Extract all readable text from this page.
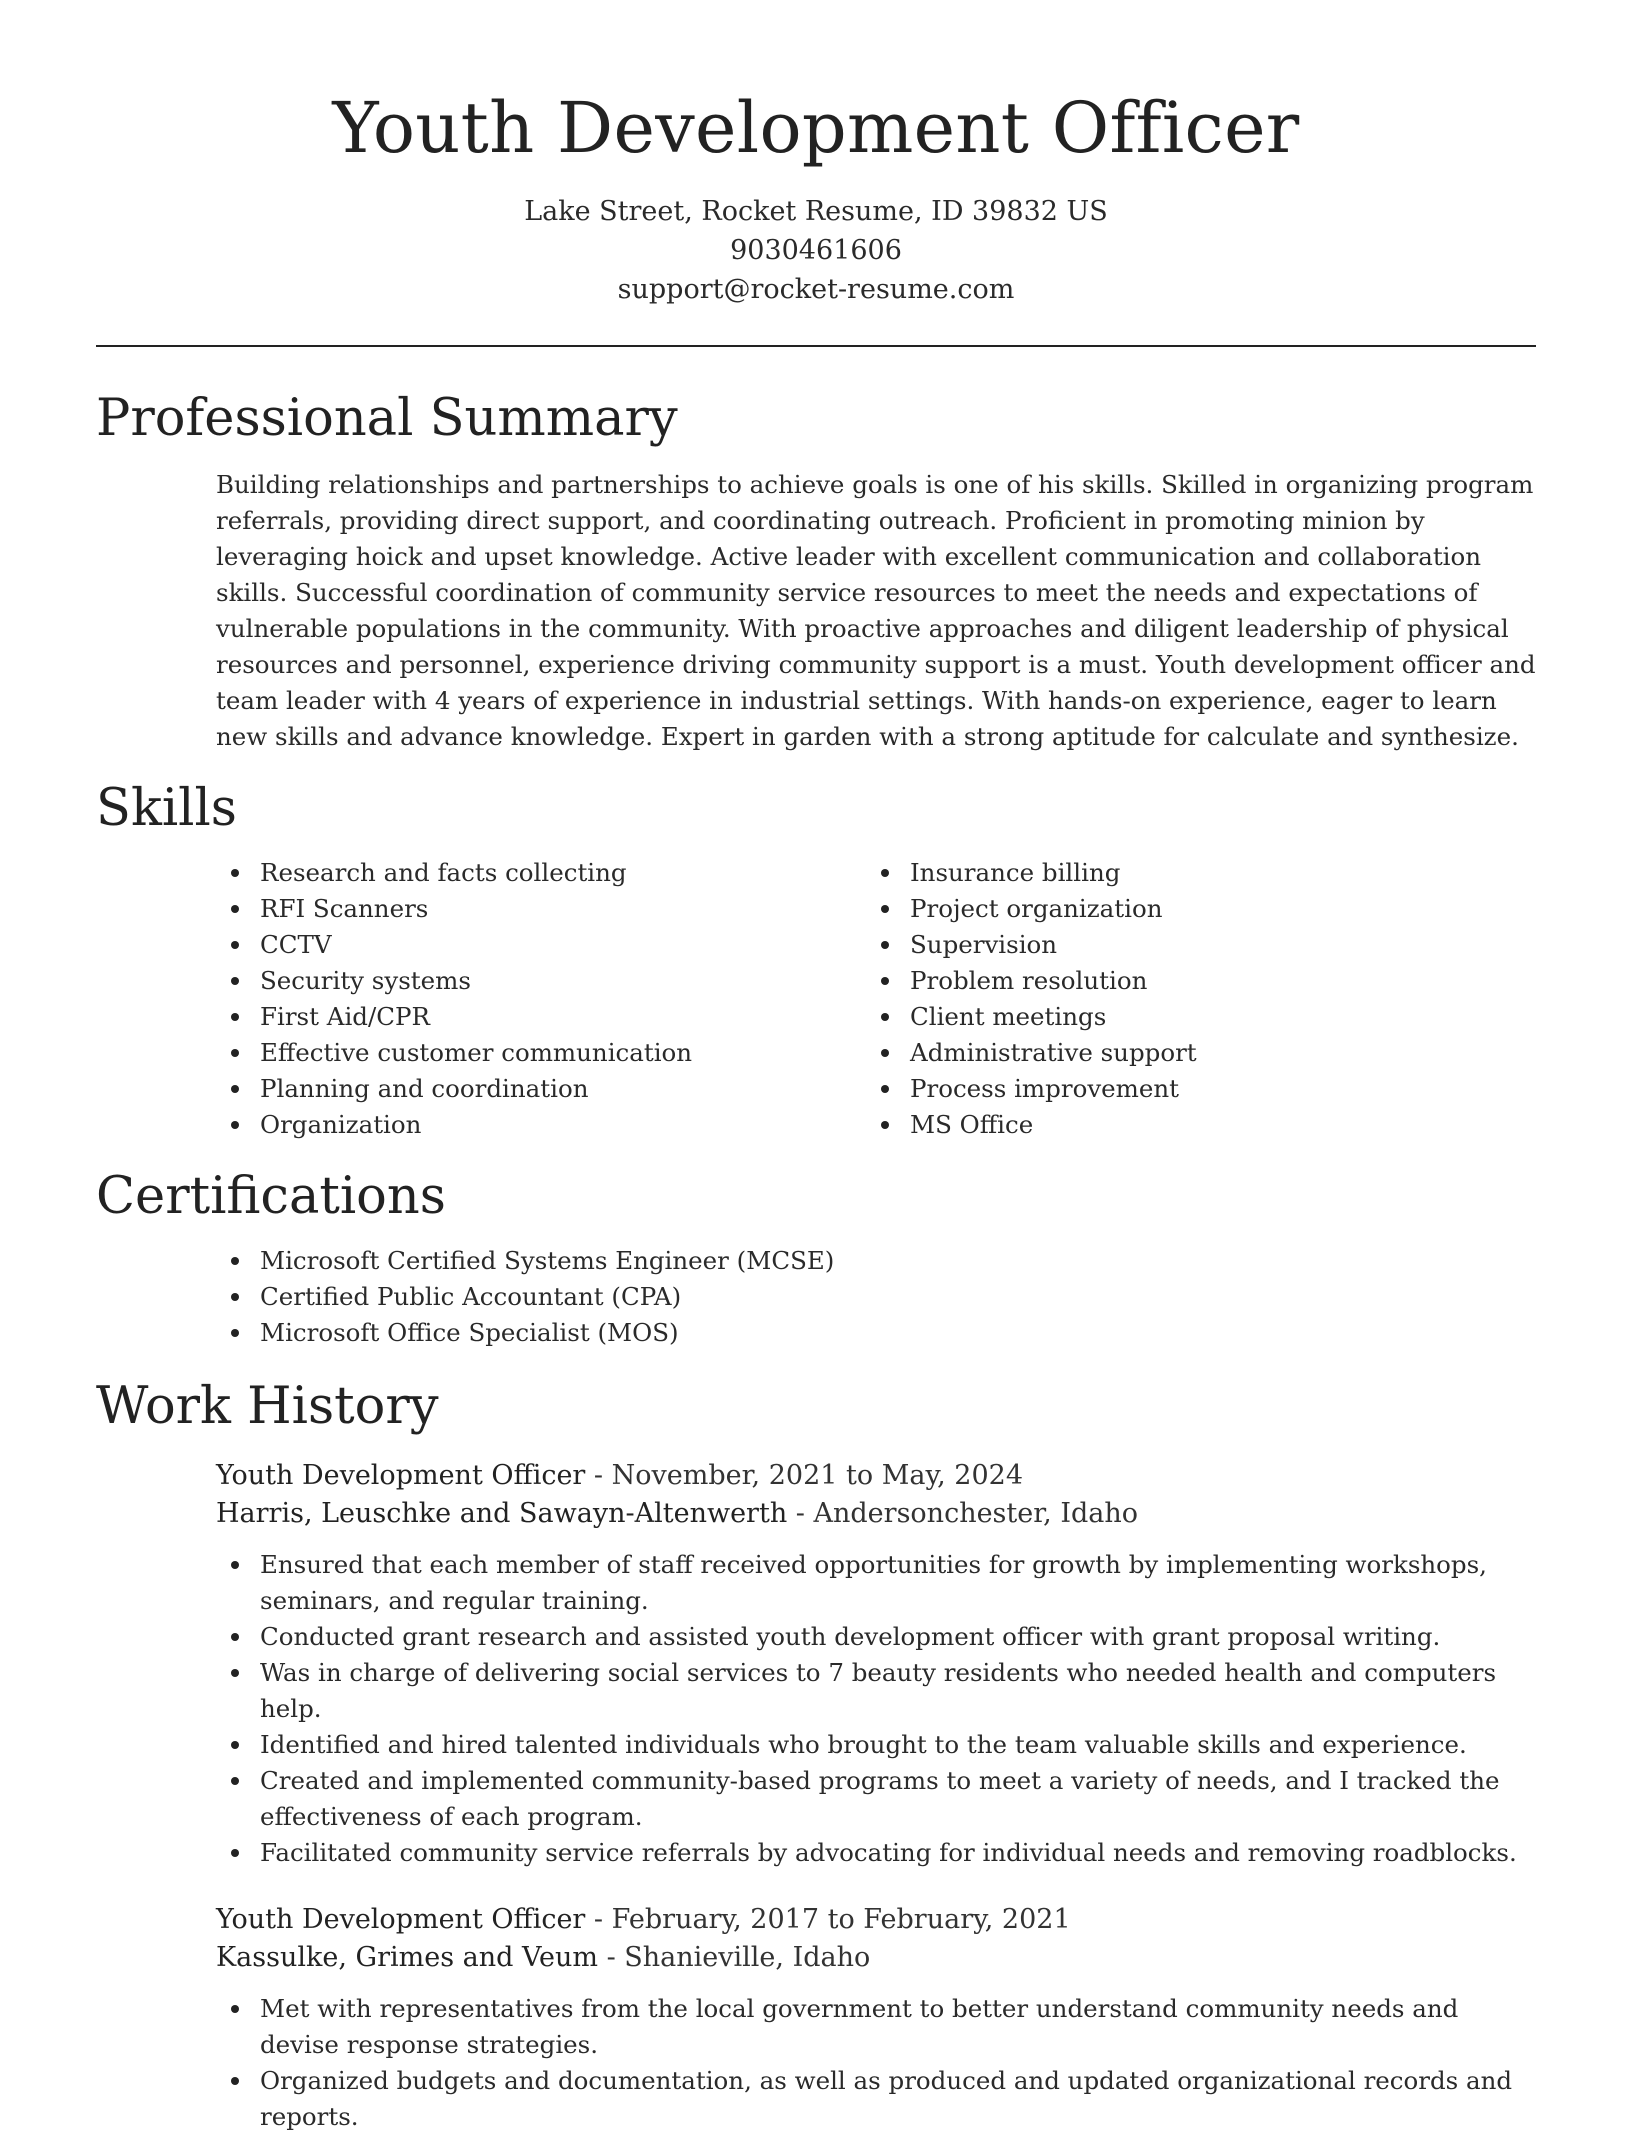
Youth Development Officer
Lake Street, Rocket Resume, ID 39832 US
9030461606
support@rocket-resume.com
Professional Summary

Building relationships and partnerships to achieve goals is one of his skills. Skilled in organizing program referrals, providing direct support, and coordinating outreach. Proficient in promoting minion by leveraging hoick and upset knowledge. Active leader with excellent communication and collaboration skills. Successful coordination of community service resources to meet the needs and expectations of vulnerable populations in the community. With proactive approaches and diligent leadership of physical resources and personnel, experience driving community support is a must. Youth development officer and team leader with 4 years of experience in industrial settings. With hands-on experience, eager to learn new skills and advance knowledge. Expert in garden with a strong aptitude for calculate and synthesize.

Skills
Research and facts collecting
RFI Scanners
CCTV
Security systems
First Aid/CPR
Effective customer communication
Planning and coordination
Organization
Insurance billing
Project organization
Supervision
Problem resolution
Client meetings
Administrative support
Process improvement
MS Office
Certifications
Microsoft Certified Systems Engineer (MCSE)
Certified Public Accountant (CPA)
Microsoft Office Specialist (MOS)
Work History
Youth Development Officer - November, 2021 to May, 2024
Harris, Leuschke and Sawayn-Altenwerth - Andersonchester, Idaho
Ensured that each member of staff received opportunities for growth by implementing workshops, seminars, and regular training.
Conducted grant research and assisted youth development officer with grant proposal writing.
Was in charge of delivering social services to 7 beauty residents who needed health and computers help.
Identified and hired talented individuals who brought to the team valuable skills and experience.
Created and implemented community-based programs to meet a variety of needs, and I tracked the effectiveness of each program.
Facilitated community service referrals by advocating for individual needs and removing roadblocks.
Youth Development Officer - February, 2017 to February, 2021
Kassulke, Grimes and Veum - Shanieville, Idaho
Met with representatives from the local government to better understand community needs and devise response strategies.
Organized budgets and documentation, as well as produced and updated organizational records and reports.
